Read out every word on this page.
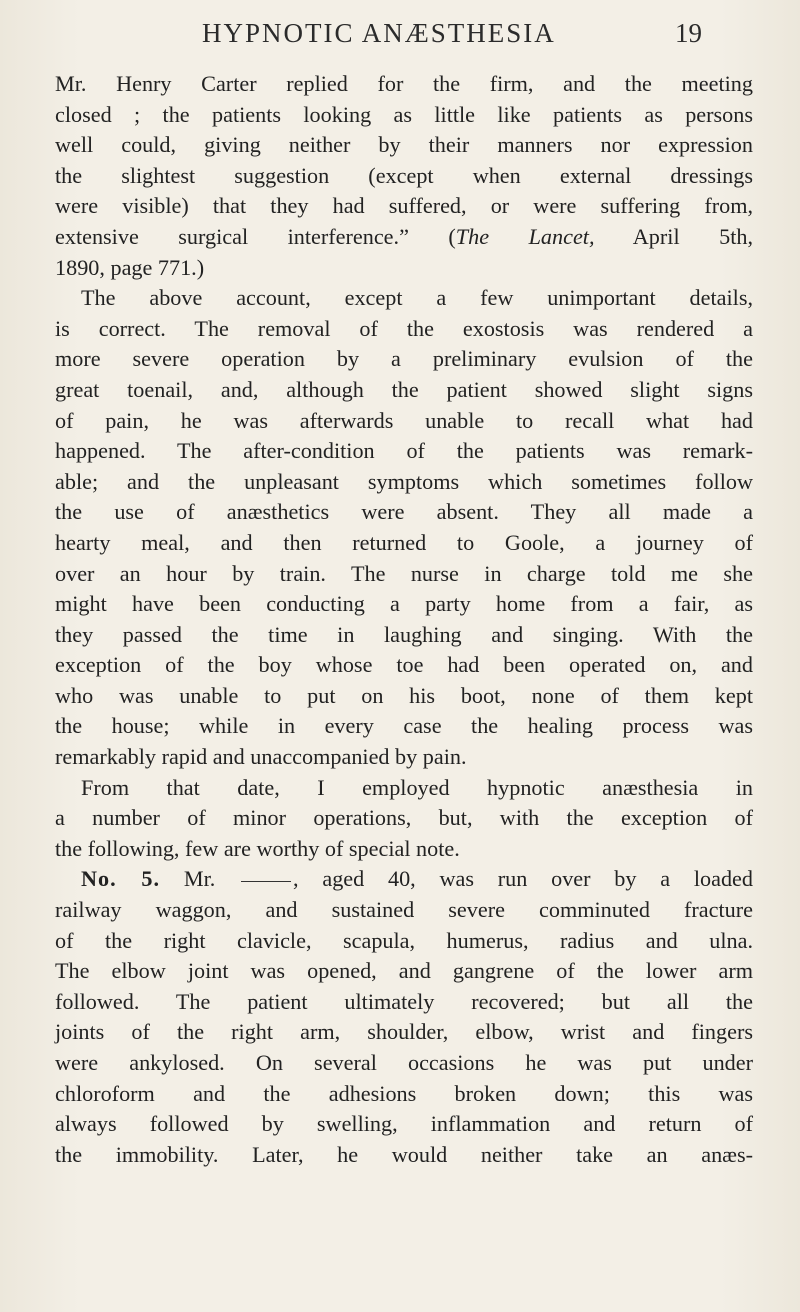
HYPNOTIC ANÆSTHESIA	19
Mr. Henry Carter replied for the firm, and the meeting
closed ; the patients looking as little like patients as persons
well could, giving neither by their manners nor expression
the slightest suggestion (except when external dressings
were visible) that they had suffered, or were suffering from,
extensive surgical interference.” (The Lancet, April 5th,
1890, page 771.)
The above account, except a few unimportant details,
is correct. The removal of the exostosis was rendered a
more severe operation by a preliminary evulsion of the
great toenail, and, although the patient showed slight signs
of pain, he was afterwards unable to recall what had
happened. The after-condition of the patients was remark-
able; and the unpleasant symptoms which sometimes follow
the use of anæsthetics were absent. They all made a
hearty meal, and then returned to Goole, a journey of
over an hour by train. The nurse in charge told me she
might have been conducting a party home from a fair, as
they passed the time in laughing and singing. With the
exception of the boy whose toe had been operated on, and
who was unable to put on his boot, none of them kept
the house; while in every case the healing process was
remarkably rapid and unaccompanied by pain.
From that date, I employed hypnotic anæsthesia in
a number of minor operations, but, with the exception of
the following, few are worthy of special note.
No. 5. Mr. , aged 40, was run over by a loaded
railway waggon, and sustained severe comminuted fracture
of the right clavicle, scapula, humerus, radius and ulna.
The elbow joint was opened, and gangrene of the lower arm
followed. The patient ultimately recovered; but all the
joints of the right arm, shoulder, elbow, wrist and fingers
were ankylosed. On several occasions he was put under
chloroform and the adhesions broken down; this was
always followed by swelling, inflammation and return of
the immobility. Later, he would neither take an anæs-
